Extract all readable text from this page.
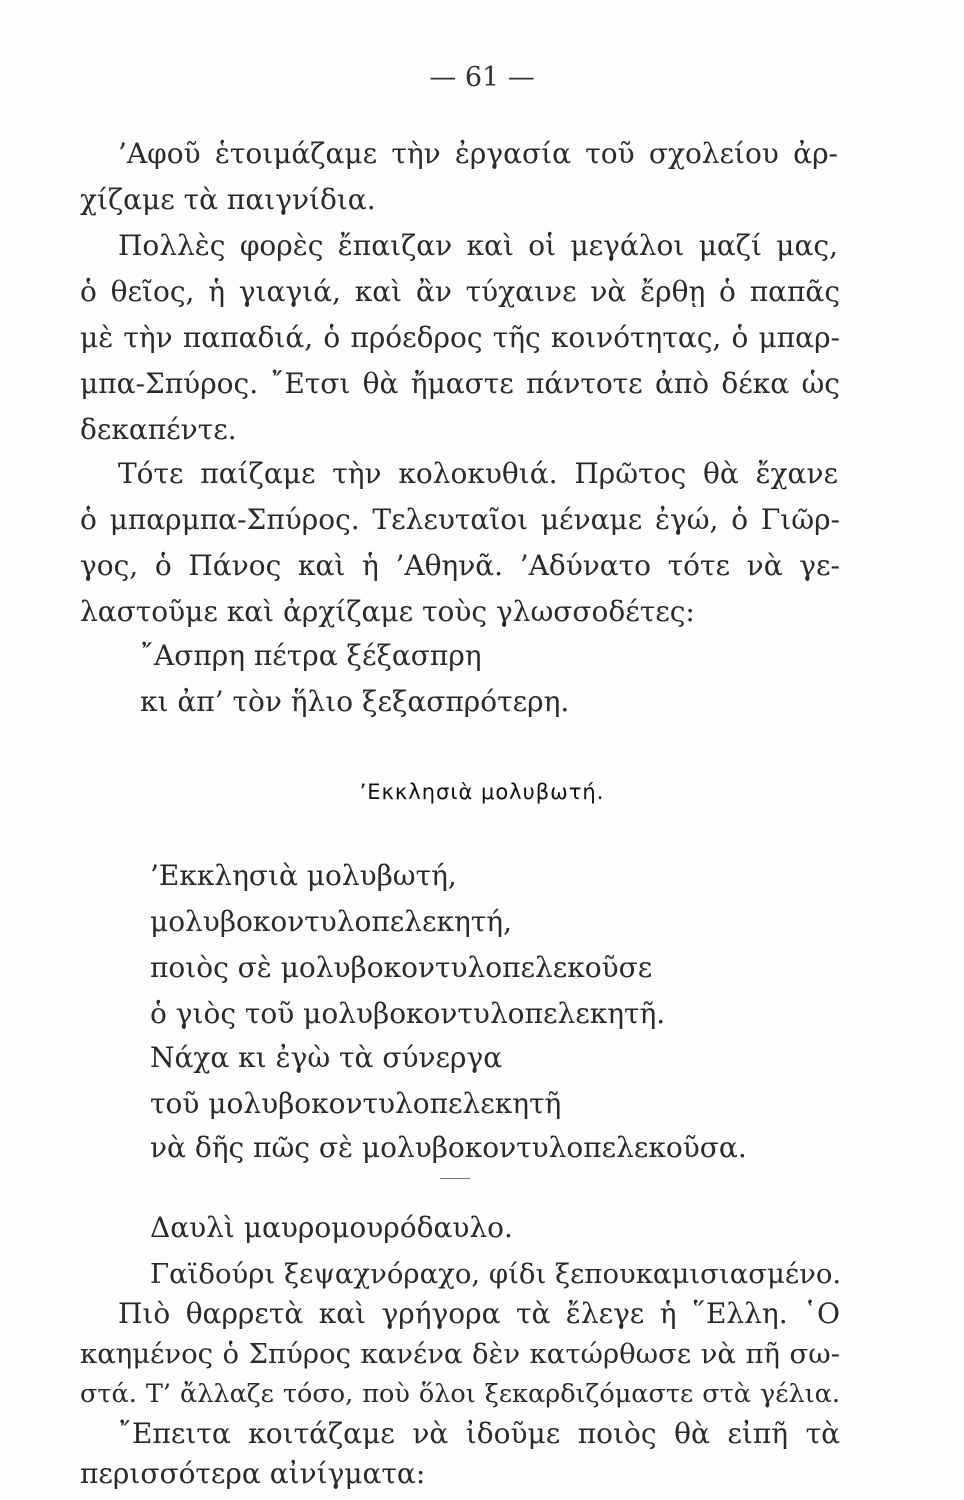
— 61 —
’Αφοῦ ἑτοιμάζαμε τὴν ἐργασία τοῦ σχολείου ἀρ-
χίζαμε τὰ παιγνίδια.
Πολλὲς φορὲς ἔπαιζαν καὶ οἱ μεγάλοι μαζί μας,
ὁ θεῖος, ἡ γιαγιά, καὶ ἂν τύχαινε νὰ ἔρθῃ ὁ παπᾶς
μὲ τὴν παπαδιά, ὁ πρόεδρος τῆς κοινότητας, ὁ μπαρ-
μπα-Σπύρος. ῎Ετσι θὰ ἤμαστε πάντοτε ἀπὸ δέκα ὡς
δεκαπέντε.
Τότε παίζαμε τὴν κολοκυθιά. Πρῶτος θὰ ἔχανε
ὁ μπαρμπα-Σπύρος. Τελευταῖοι μέναμε ἐγώ, ὁ Γιῶρ-
γος, ὁ Πάνος καὶ ἡ ’Αθηνᾶ. ’Αδύνατο τότε νὰ γε-
λαστοῦμε καὶ ἀρχίζαμε τοὺς γλωσσοδέτες:
῎Ασπρη πέτρα ξέξασπρη
κι ἀπ’ τὸν ἥλιο ξεξασπρότερη.
’Εκκλησιὰ μολυβωτή.
’Εκκλησιὰ μολυβωτή,
μολυβοκοντυλοπελεκητή,
ποιὸς σὲ μολυβοκοντυλοπελεκοῦσε
ὁ γιὸς τοῦ μολυβοκοντυλοπελεκητῆ.
Νάχα κι ἐγὼ τὰ σύνεργα
τοῦ μολυβοκοντυλοπελεκητῆ
νὰ δῆς πῶς σὲ μολυβοκοντυλοπελεκοῦσα.
Δαυλὶ μαυρομουρόδαυλο.
Γαϊδούρι ξεψαχνόραχο, φίδι ξεπουκαμισιασμένο.
Πιὸ θαρρετὰ καὶ γρήγορα τὰ ἔλεγε ἡ ῞Ελλη. ῾Ο
καημένος ὁ Σπύρος κανένα δὲν κατώρθωσε νὰ πῆ σω-
στά. Τ’ ἄλλαζε τόσο, ποὺ ὅλοι ξεκαρδιζόμαστε στὰ γέλια.
῎Επειτα κοιτάζαμε νὰ ἰδοῦμε ποιὸς θὰ εἰπῆ τὰ
περισσότερα αἰνίγματα:
